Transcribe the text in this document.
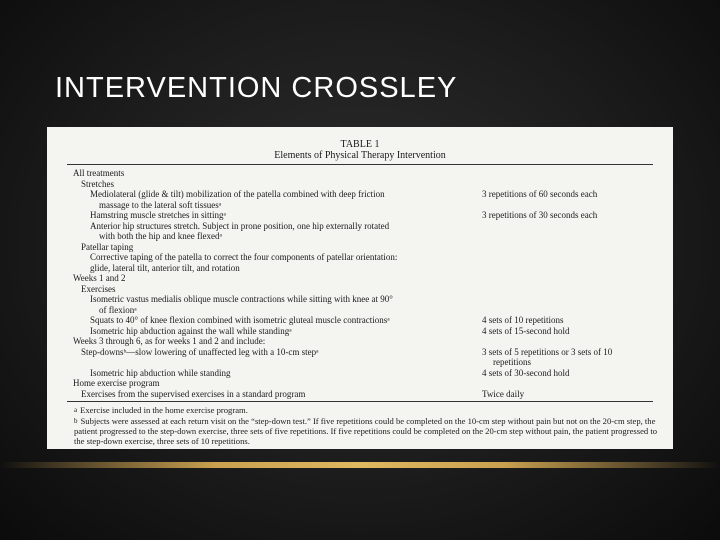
INTERVENTION CROSSLEY
TABLE 1
Elements of Physical Therapy Intervention
All treatments
Stretches
Mediolateral (glide & tilt) mobilization of the patella combined with deep friction	3 repetitions of 60 seconds each
massage to the lateral soft tissuesᵃ
Hamstring muscle stretches in sittingᵃ	3 repetitions of 30 seconds each
Anterior hip structures stretch. Subject in prone position, one hip externally rotated
with both the hip and knee flexedᵃ
Patellar taping
Corrective taping of the patella to correct the four components of patellar orientation:
glide, lateral tilt, anterior tilt, and rotation
Weeks 1 and 2
Exercises
Isometric vastus medialis oblique muscle contractions while sitting with knee at 90°
of flexionᵃ
Squats to 40° of knee flexion combined with isometric gluteal muscle contractionsᵃ	4 sets of 10 repetitions
Isometric hip abduction against the wall while standingᵃ	4 sets of 15-second hold
Weeks 3 through 6, as for weeks 1 and 2 and include:
Step-downsᵇ—slow lowering of unaffected leg with a 10-cm stepᵃ	3 sets of 5 repetitions or 3 sets of 10
repetitions
Isometric hip abduction while standing	4 sets of 30-second hold
Home exercise program
Exercises from the supervised exercises in a standard program	Twice daily
$^a$ Exercise included in the home exercise program.
$^b$ Subjects were assessed at each return visit on the “step-down test.” If five repetitions could be completed on the 10-cm step without pain but not on the 20-cm step, the patient progressed to the step-down exercise, three sets of five repetitions. If five repetitions could be completed on the 20-cm step without pain, the patient progressed to the step-down exercise, three sets of 10 repetitions.
